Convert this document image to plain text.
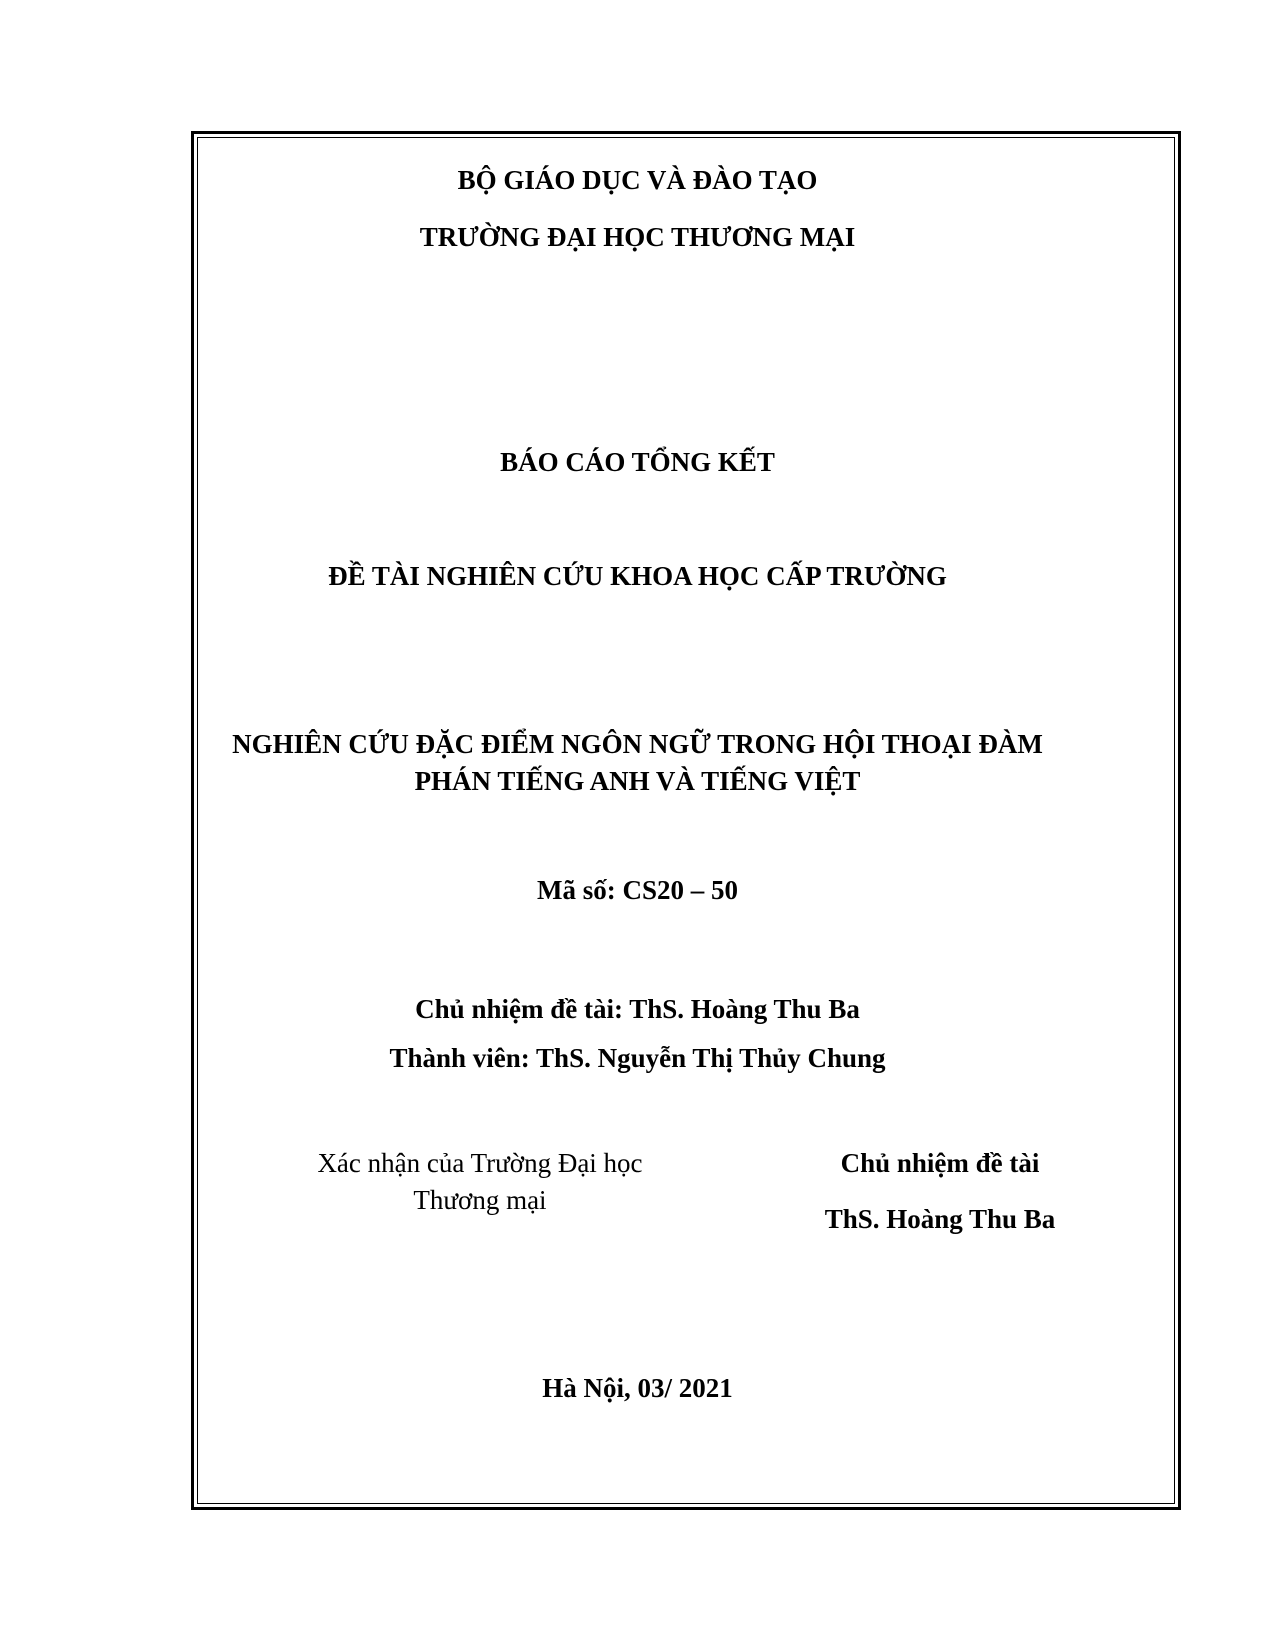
BỘ GIÁO DỤC VÀ ĐÀO TẠO
TRƯỜNG ĐẠI HỌC THƯƠNG MẠI
BÁO CÁO TỔNG KẾT
ĐỀ TÀI NGHIÊN CỨU KHOA HỌC CẤP TRƯỜNG
NGHIÊN CỨU ĐẶC ĐIỂM NGÔN NGỮ TRONG HỘI THOẠI ĐÀM
PHÁN TIẾNG ANH VÀ TIẾNG VIỆT
Mã số: CS20 – 50
Chủ nhiệm đề tài: ThS. Hoàng Thu Ba
Thành viên: ThS. Nguyễn Thị Thủy Chung
Xác nhận của Trường Đại học
Thương mại
Chủ nhiệm đề tài
ThS. Hoàng Thu Ba
Hà Nội, 03/ 2021
